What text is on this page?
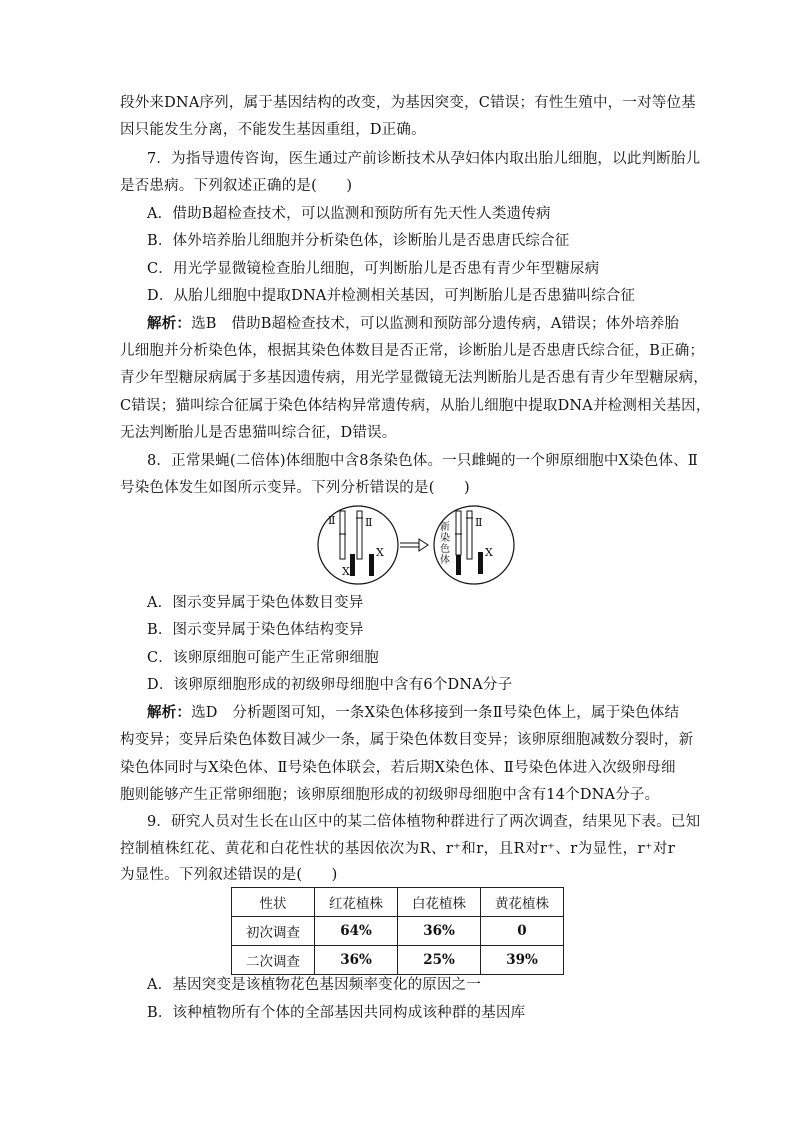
段外来DNA序列，属于基因结构的改变，为基因突变，C错误；有性生殖中，一对等位基
因只能发生分离，不能发生基因重组，D正确。
7．为指导遗传咨询，医生通过产前诊断技术从孕妇体内取出胎儿细胞，以此判断胎儿
是否患病。下列叙述正确的是(　　)
A．借助B超检查技术，可以监测和预防所有先天性人类遗传病
B．体外培养胎儿细胞并分析染色体，诊断胎儿是否患唐氏综合征
C．用光学显微镜检查胎儿细胞，可判断胎儿是否患有青少年型糖尿病
D．从胎儿细胞中提取DNA并检测相关基因，可判断胎儿是否患猫叫综合征
解析：选B　借助B超检查技术，可以监测和预防部分遗传病，A错误；体外培养胎
儿细胞并分析染色体，根据其染色体数目是否正常，诊断胎儿是否患唐氏综合征，B正确；
青少年型糖尿病属于多基因遗传病，用光学显微镜无法判断胎儿是否患有青少年型糖尿病，
C错误；猫叫综合征属于染色体结构异常遗传病，从胎儿细胞中提取DNA并检测相关基因，
无法判断胎儿是否患猫叫综合征，D错误。
8．正常果蝇(二倍体)体细胞中含8条染色体。一只雌蝇的一个卵原细胞中X染色体、Ⅱ
号染色体发生如图所示变异。下列分析错误的是(　　)
Ⅱ	Ⅱ
X
X
Ⅱ
X
新
染
色
体
A．图示变异属于染色体数目变异
B．图示变异属于染色体结构变异
C．该卵原细胞可能产生正常卵细胞
D．该卵原细胞形成的初级卵母细胞中含有6个DNA分子
解析：选D　分析题图可知，一条X染色体移接到一条Ⅱ号染色体上，属于染色体结
构变异；变异后染色体数目减少一条，属于染色体数目变异；该卵原细胞减数分裂时，新
染色体同时与X染色体、Ⅱ号染色体联会，若后期X染色体、Ⅱ号染色体进入次级卵母细
胞则能够产生正常卵细胞；该卵原细胞形成的初级卵母细胞中含有14个DNA分子。
9．研究人员对生长在山区中的某二倍体植物种群进行了两次调查，结果见下表。已知
控制植株红花、黄花和白花性状的基因依次为R、r⁺和r，且R对r⁺、r为显性，r⁺对r
为显性。下列叙述错误的是(　　)
性状	红花植株	白花植株	黄花植株
初次调查	64%	36%	0
二次调查	36%	25%	39%
A．基因突变是该植物花色基因频率变化的原因之一
B．该种植物所有个体的全部基因共同构成该种群的基因库
